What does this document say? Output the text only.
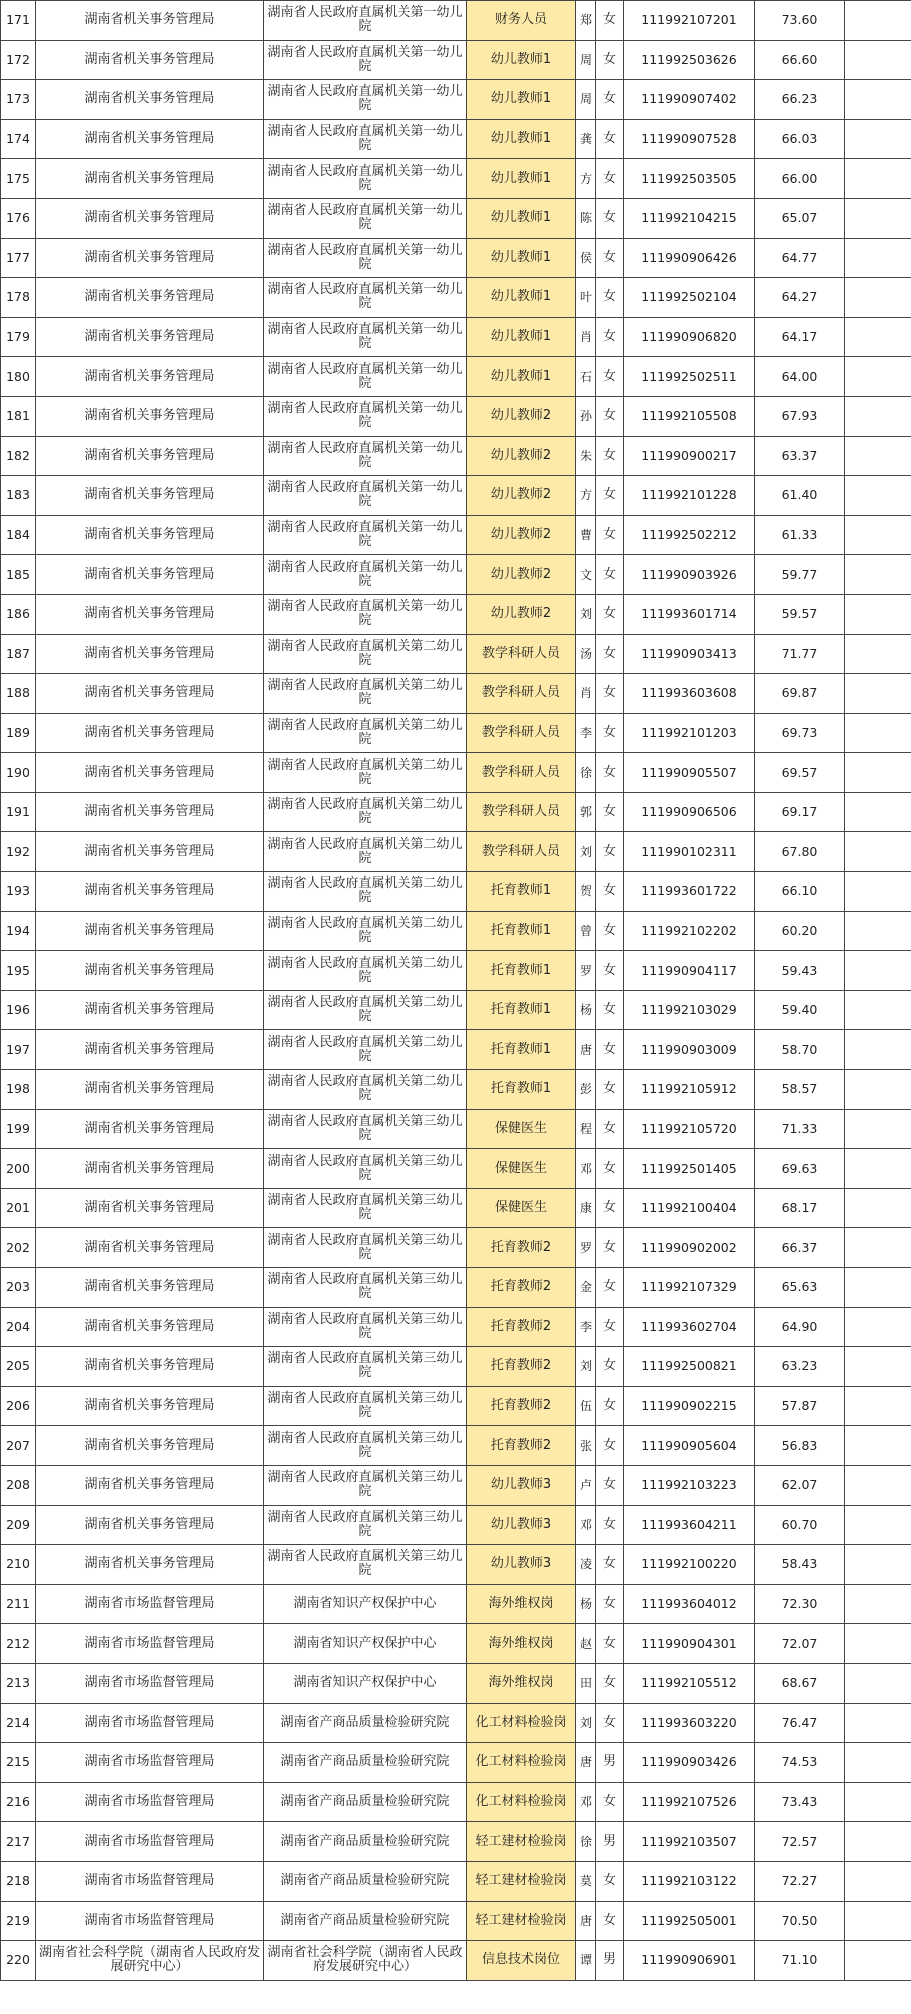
171	湖南省机关事务管理局	湖南省人民政府直属机关第一幼儿院	财务人员	郑	女	111992107201	73.60	
172	湖南省机关事务管理局	湖南省人民政府直属机关第一幼儿院	幼儿教师1	周	女	111992503626	66.60	
173	湖南省机关事务管理局	湖南省人民政府直属机关第一幼儿院	幼儿教师1	周	女	111990907402	66.23	
174	湖南省机关事务管理局	湖南省人民政府直属机关第一幼儿院	幼儿教师1	龚	女	111990907528	66.03	
175	湖南省机关事务管理局	湖南省人民政府直属机关第一幼儿院	幼儿教师1	方	女	111992503505	66.00	
176	湖南省机关事务管理局	湖南省人民政府直属机关第一幼儿院	幼儿教师1	陈	女	111992104215	65.07	
177	湖南省机关事务管理局	湖南省人民政府直属机关第一幼儿院	幼儿教师1	侯	女	111990906426	64.77	
178	湖南省机关事务管理局	湖南省人民政府直属机关第一幼儿院	幼儿教师1	叶	女	111992502104	64.27	
179	湖南省机关事务管理局	湖南省人民政府直属机关第一幼儿院	幼儿教师1	肖	女	111990906820	64.17	
180	湖南省机关事务管理局	湖南省人民政府直属机关第一幼儿院	幼儿教师1	石	女	111992502511	64.00	
181	湖南省机关事务管理局	湖南省人民政府直属机关第一幼儿院	幼儿教师2	孙	女	111992105508	67.93	
182	湖南省机关事务管理局	湖南省人民政府直属机关第一幼儿院	幼儿教师2	朱	女	111990900217	63.37	
183	湖南省机关事务管理局	湖南省人民政府直属机关第一幼儿院	幼儿教师2	方	女	111992101228	61.40	
184	湖南省机关事务管理局	湖南省人民政府直属机关第一幼儿院	幼儿教师2	曹	女	111992502212	61.33	
185	湖南省机关事务管理局	湖南省人民政府直属机关第一幼儿院	幼儿教师2	文	女	111990903926	59.77	
186	湖南省机关事务管理局	湖南省人民政府直属机关第一幼儿院	幼儿教师2	刘	女	111993601714	59.57	
187	湖南省机关事务管理局	湖南省人民政府直属机关第二幼儿院	教学科研人员	汤	女	111990903413	71.77	
188	湖南省机关事务管理局	湖南省人民政府直属机关第二幼儿院	教学科研人员	肖	女	111993603608	69.87	
189	湖南省机关事务管理局	湖南省人民政府直属机关第二幼儿院	教学科研人员	李	女	111992101203	69.73	
190	湖南省机关事务管理局	湖南省人民政府直属机关第二幼儿院	教学科研人员	徐	女	111990905507	69.57	
191	湖南省机关事务管理局	湖南省人民政府直属机关第二幼儿院	教学科研人员	郭	女	111990906506	69.17	
192	湖南省机关事务管理局	湖南省人民政府直属机关第二幼儿院	教学科研人员	刘	女	111990102311	67.80	
193	湖南省机关事务管理局	湖南省人民政府直属机关第二幼儿院	托育教师1	贺	女	111993601722	66.10	
194	湖南省机关事务管理局	湖南省人民政府直属机关第二幼儿院	托育教师1	曾	女	111992102202	60.20	
195	湖南省机关事务管理局	湖南省人民政府直属机关第二幼儿院	托育教师1	罗	女	111990904117	59.43	
196	湖南省机关事务管理局	湖南省人民政府直属机关第二幼儿院	托育教师1	杨	女	111992103029	59.40	
197	湖南省机关事务管理局	湖南省人民政府直属机关第二幼儿院	托育教师1	唐	女	111990903009	58.70	
198	湖南省机关事务管理局	湖南省人民政府直属机关第二幼儿院	托育教师1	彭	女	111992105912	58.57	
199	湖南省机关事务管理局	湖南省人民政府直属机关第三幼儿院	保健医生	程	女	111992105720	71.33	
200	湖南省机关事务管理局	湖南省人民政府直属机关第三幼儿院	保健医生	邓	女	111992501405	69.63	
201	湖南省机关事务管理局	湖南省人民政府直属机关第三幼儿院	保健医生	康	女	111992100404	68.17	
202	湖南省机关事务管理局	湖南省人民政府直属机关第三幼儿院	托育教师2	罗	女	111990902002	66.37	
203	湖南省机关事务管理局	湖南省人民政府直属机关第三幼儿院	托育教师2	金	女	111992107329	65.63	
204	湖南省机关事务管理局	湖南省人民政府直属机关第三幼儿院	托育教师2	李	女	111993602704	64.90	
205	湖南省机关事务管理局	湖南省人民政府直属机关第三幼儿院	托育教师2	刘	女	111992500821	63.23	
206	湖南省机关事务管理局	湖南省人民政府直属机关第三幼儿院	托育教师2	伍	女	111990902215	57.87	
207	湖南省机关事务管理局	湖南省人民政府直属机关第三幼儿院	托育教师2	张	女	111990905604	56.83	
208	湖南省机关事务管理局	湖南省人民政府直属机关第三幼儿院	幼儿教师3	卢	女	111992103223	62.07	
209	湖南省机关事务管理局	湖南省人民政府直属机关第三幼儿院	幼儿教师3	邓	女	111993604211	60.70	
210	湖南省机关事务管理局	湖南省人民政府直属机关第三幼儿院	幼儿教师3	凌	女	111992100220	58.43	
211	湖南省市场监督管理局	湖南省知识产权保护中心	海外维权岗	杨	女	111993604012	72.30	
212	湖南省市场监督管理局	湖南省知识产权保护中心	海外维权岗	赵	女	111990904301	72.07	
213	湖南省市场监督管理局	湖南省知识产权保护中心	海外维权岗	田	女	111992105512	68.67	
214	湖南省市场监督管理局	湖南省产商品质量检验研究院	化工材料检验岗	刘	女	111993603220	76.47	
215	湖南省市场监督管理局	湖南省产商品质量检验研究院	化工材料检验岗	唐	男	111990903426	74.53	
216	湖南省市场监督管理局	湖南省产商品质量检验研究院	化工材料检验岗	邓	女	111992107526	73.43	
217	湖南省市场监督管理局	湖南省产商品质量检验研究院	轻工建材检验岗	徐	男	111992103507	72.57	
218	湖南省市场监督管理局	湖南省产商品质量检验研究院	轻工建材检验岗	莫	女	111992103122	72.27	
219	湖南省市场监督管理局	湖南省产商品质量检验研究院	轻工建材检验岗	唐	女	111992505001	70.50	
220	湖南省社会科学院（湖南省人民政府发展研究中心）	湖南省社会科学院（湖南省人民政府发展研究中心）	信息技术岗位	谭	男	111990906901	71.10	
